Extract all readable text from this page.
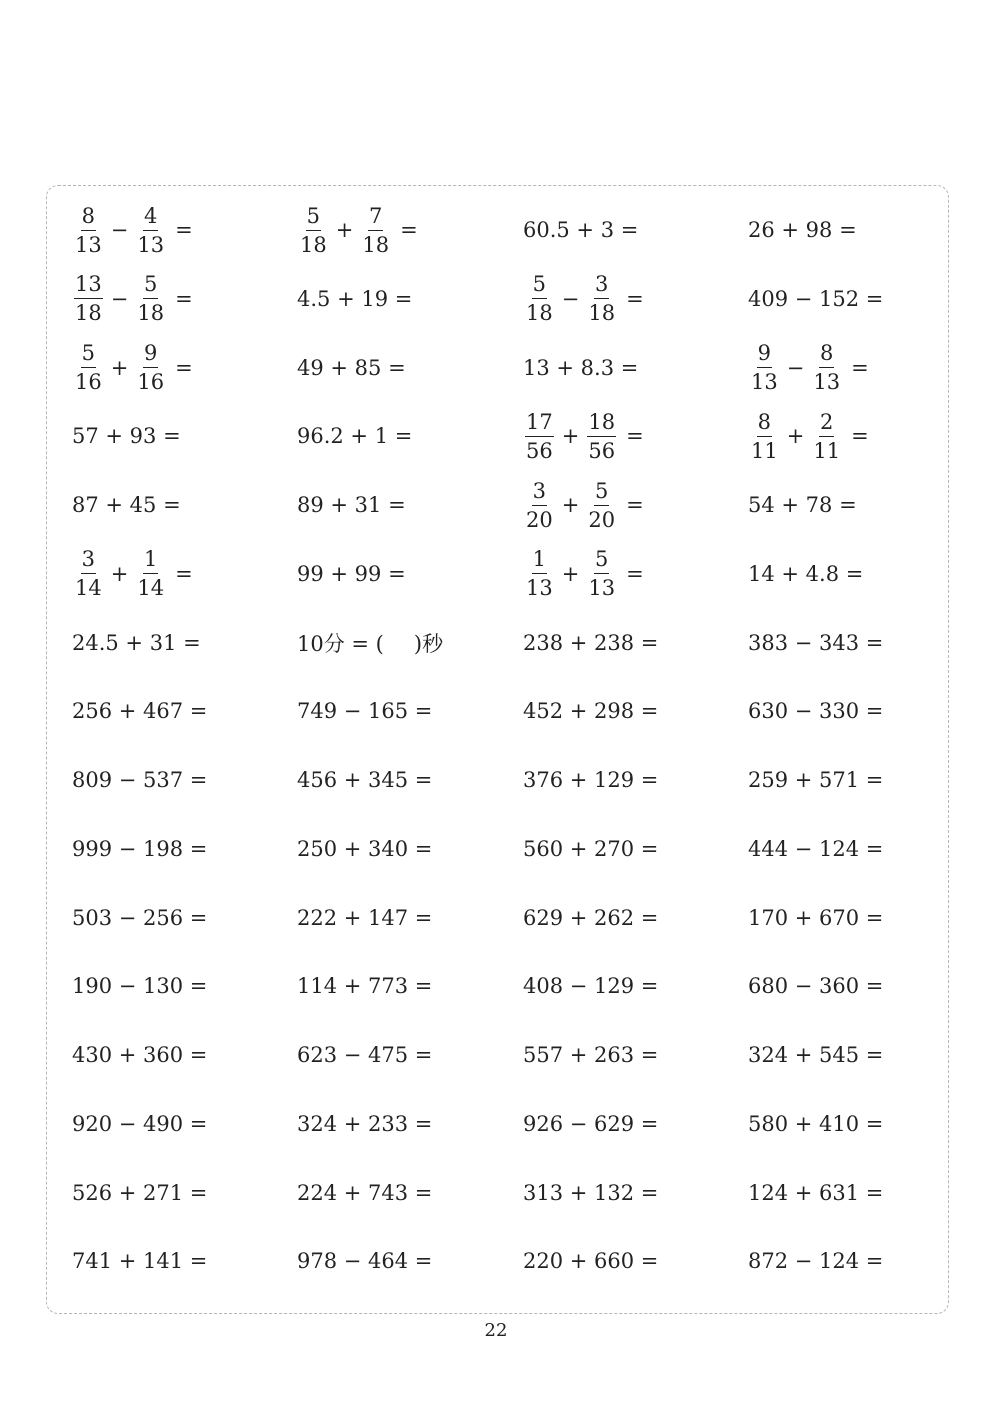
$\frac{8}{13} - \frac{4}{13}$ =	$\frac{5}{18} + \frac{7}{18}$ =	60.5 + 3 =	26 + 98 =
$\frac{13}{18} - \frac{5}{18}$ =	4.5 + 19 =	$\frac{5}{18} - \frac{3}{18}$ =	409 − 152 =
$\frac{5}{16} + \frac{9}{16}$ =	49 + 85 =	13 + 8.3 =	$\frac{9}{13} - \frac{8}{13}$ =
57 + 93 =	96.2 + 1 =	$\frac{17}{56} + \frac{18}{56}$ =	$\frac{8}{11} + \frac{2}{11}$ =
87 + 45 =	89 + 31 =	$\frac{3}{20} + \frac{5}{20}$ =	54 + 78 =
$\frac{3}{14} + \frac{1}{14}$ =	99 + 99 =	$\frac{1}{13} + \frac{5}{13}$ =	14 + 4.8 =
24.5 + 31 =	10分 = ( )秒	238 + 238 =	383 − 343 =
256 + 467 =	749 − 165 =	452 + 298 =	630 − 330 =
809 − 537 =	456 + 345 =	376 + 129 =	259 + 571 =
999 − 198 =	250 + 340 =	560 + 270 =	444 − 124 =
503 − 256 =	222 + 147 =	629 + 262 =	170 + 670 =
190 − 130 =	114 + 773 =	408 − 129 =	680 − 360 =
430 + 360 =	623 − 475 =	557 + 263 =	324 + 545 =
920 − 490 =	324 + 233 =	926 − 629 =	580 + 410 =
526 + 271 =	224 + 743 =	313 + 132 =	124 + 631 =
741 + 141 =	978 − 464 =	220 + 660 =	872 − 124 =
22
